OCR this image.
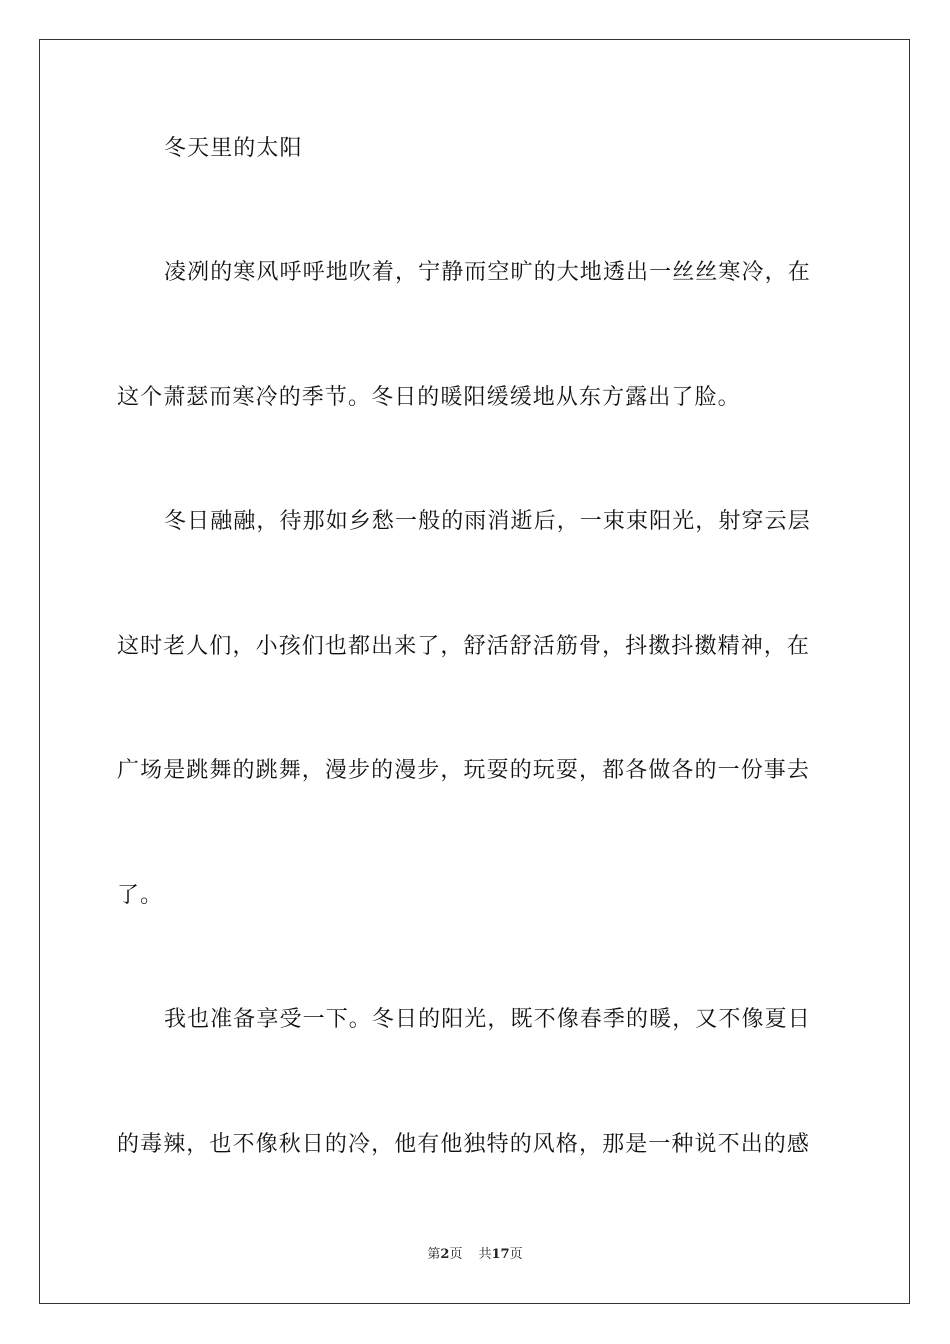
冬天里的太阳
凌冽的寒风呼呼地吹着，宁静而空旷的大地透出一丝丝寒冷，在
这个萧瑟而寒冷的季节。冬日的暖阳缓缓地从东方露出了脸。
冬日融融，待那如乡愁一般的雨消逝后，一束束阳光，射穿云层
这时老人们，小孩们也都出来了，舒活舒活筋骨，抖擞抖擞精神，在
广场是跳舞的跳舞，漫步的漫步，玩耍的玩耍，都各做各的一份事去
了。
我也准备享受一下。冬日的阳光，既不像春季的暖，又不像夏日
的毒辣，也不像秋日的冷，他有他独特的风格，那是一种说不出的感
第2页 共17页
